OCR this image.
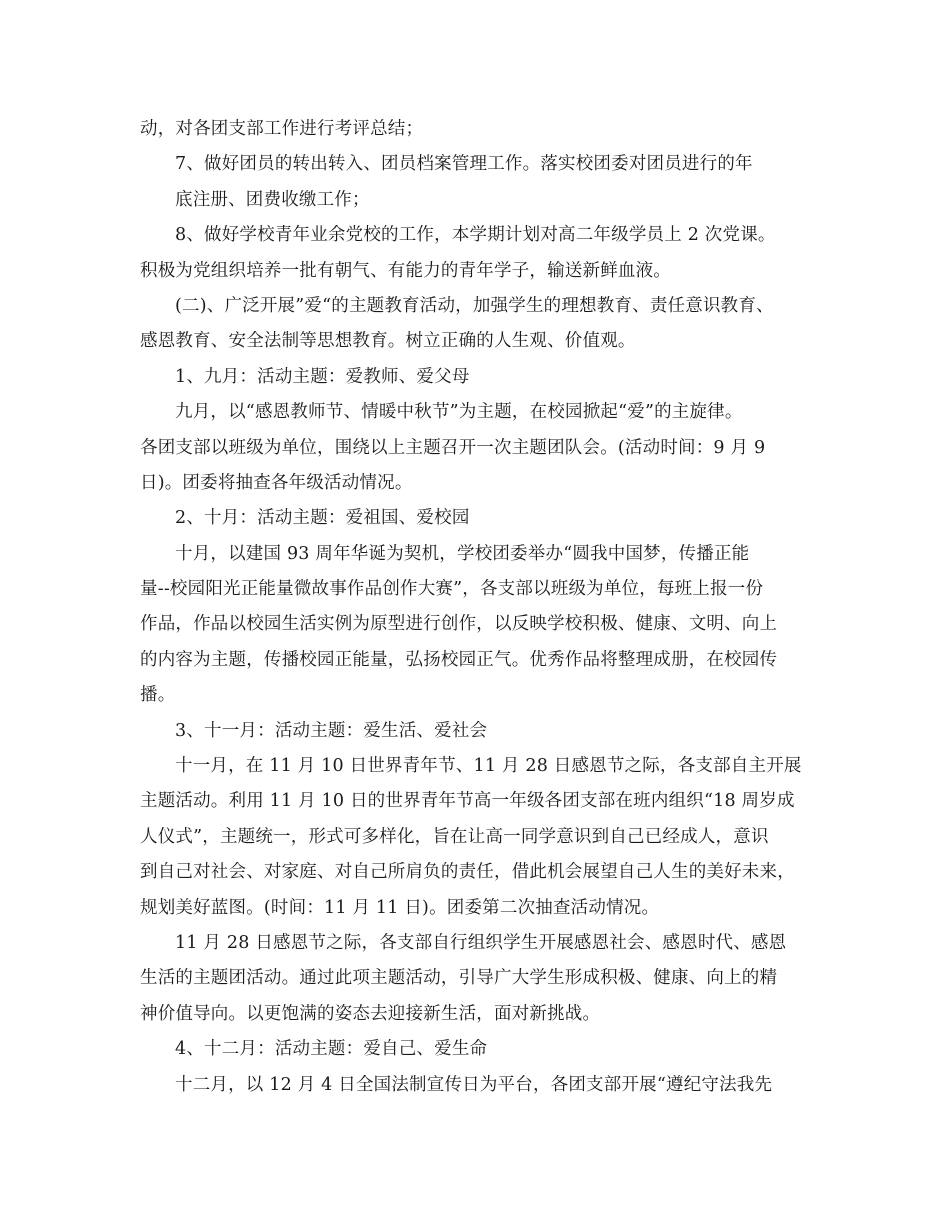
动，对各团支部工作进行考评总结；
7、做好团员的转出转入、团员档案管理工作。落实校团委对团员进行的年
底注册、团费收缴工作；
8、做好学校青年业余党校的工作，本学期计划对高二年级学员上 2 次党课。
积极为党组织培养一批有朝气、有能力的青年学子，输送新鲜血液。
(二)、广泛开展”爱“的主题教育活动，加强学生的理想教育、责任意识教育、
感恩教育、安全法制等思想教育。树立正确的人生观、价值观。
1、九月：活动主题：爱教师、爱父母
九月，以“感恩教师节、情暖中秋节”为主题，在校园掀起“爱”的主旋律。
各团支部以班级为单位，围绕以上主题召开一次主题团队会。(活动时间：9 月 9
日)。团委将抽查各年级活动情况。
2、十月：活动主题：爱祖国、爱校园
十月，以建国 93 周年华诞为契机，学校团委举办“圆我中国梦，传播正能
量--校园阳光正能量微故事作品创作大赛”，各支部以班级为单位，每班上报一份
作品，作品以校园生活实例为原型进行创作，以反映学校积极、健康、文明、向上
的内容为主题，传播校园正能量，弘扬校园正气。优秀作品将整理成册，在校园传
播。
3、十一月：活动主题：爱生活、爱社会
十一月，在 11 月 10 日世界青年节、11 月 28 日感恩节之际，各支部自主开展
主题活动。利用 11 月 10 日的世界青年节高一年级各团支部在班内组织“18 周岁成
人仪式”，主题统一，形式可多样化，旨在让高一同学意识到自己已经成人，意识
到自己对社会、对家庭、对自己所肩负的责任，借此机会展望自己人生的美好未来，
规划美好蓝图。(时间：11 月 11 日)。团委第二次抽查活动情况。
11 月 28 日感恩节之际，各支部自行组织学生开展感恩社会、感恩时代、感恩
生活的主题团活动。通过此项主题活动，引导广大学生形成积极、健康、向上的精
神价值导向。以更饱满的姿态去迎接新生活，面对新挑战。
4、十二月：活动主题：爱自己、爱生命
十二月，以 12 月 4 日全国法制宣传日为平台，各团支部开展“遵纪守法我先
